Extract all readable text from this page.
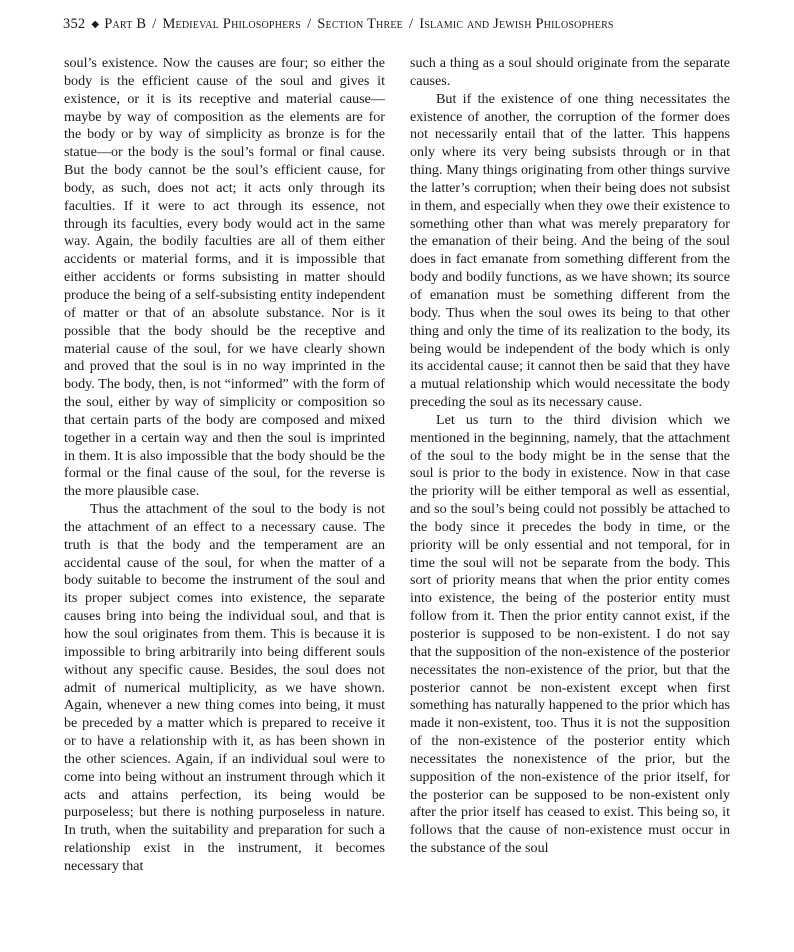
352 ◆ Part B / Medieval Philosophers / Section Three / Islamic and Jewish Philosophers

soul’s existence. Now the causes are four; so either the body is the efficient cause of the soul and gives it existence, or it is its receptive and material cause—maybe by way of composition as the elements are for the body or by way of simplicity as bronze is for the statue—or the body is the soul’s formal or final cause. But the body cannot be the soul’s efficient cause, for body, as such, does not act; it acts only through its faculties. If it were to act through its essence, not through its faculties, every body would act in the same way. Again, the bodily faculties are all of them either accidents or material forms, and it is impossible that either accidents or forms subsisting in matter should produce the being of a self-subsisting entity independent of matter or that of an absolute substance. Nor is it possible that the body should be the receptive and material cause of the soul, for we have clearly shown and proved that the soul is in no way imprinted in the body. The body, then, is not “informed” with the form of the soul, either by way of simplicity or composition so that certain parts of the body are composed and mixed together in a certain way and then the soul is imprinted in them. It is also impossible that the body should be the formal or the final cause of the soul, for the reverse is the more plausible case.

Thus the attachment of the soul to the body is not the attachment of an effect to a necessary cause. The truth is that the body and the temperament are an accidental cause of the soul, for when the matter of a body suitable to become the instrument of the soul and its proper subject comes into existence, the separate causes bring into being the individual soul, and that is how the soul originates from them. This is because it is impossible to bring arbitrarily into being different souls without any specific cause. Besides, the soul does not admit of numerical multiplicity, as we have shown. Again, whenever a new thing comes into being, it must be preceded by a matter which is prepared to receive it or to have a relationship with it, as has been shown in the other sciences. Again, if an individual soul were to come into being without an instrument through which it acts and attains perfection, its being would be purposeless; but there is nothing purposeless in nature. In truth, when the suitability and preparation for such a relationship exist in the instrument, it becomes necessary that

such a thing as a soul should originate from the separate causes.

But if the existence of one thing necessitates the existence of another, the corruption of the former does not necessarily entail that of the latter. This happens only where its very being subsists through or in that thing. Many things originating from other things survive the latter’s corruption; when their being does not subsist in them, and especially when they owe their existence to something other than what was merely preparatory for the emanation of their being. And the being of the soul does in fact emanate from something different from the body and bodily functions, as we have shown; its source of emanation must be something different from the body. Thus when the soul owes its being to that other thing and only the time of its realization to the body, its being would be independent of the body which is only its accidental cause; it cannot then be said that they have a mutual relationship which would necessitate the body preceding the soul as its necessary cause.

Let us turn to the third division which we mentioned in the beginning, namely, that the attachment of the soul to the body might be in the sense that the soul is prior to the body in existence. Now in that case the priority will be either temporal as well as essential, and so the soul’s being could not possibly be attached to the body since it precedes the body in time, or the priority will be only essential and not temporal, for in time the soul will not be separate from the body. This sort of priority means that when the prior entity comes into existence, the being of the posterior entity must follow from it. Then the prior entity cannot exist, if the posterior is supposed to be non-existent. I do not say that the supposition of the non-existence of the posterior necessitates the non-existence of the prior, but that the posterior cannot be non-existent except when first something has naturally happened to the prior which has made it non-existent, too. Thus it is not the supposition of the non-existence of the posterior entity which necessitates the nonexistence of the prior, but the supposition of the non-existence of the prior itself, for the posterior can be supposed to be non-existent only after the prior itself has ceased to exist. This being so, it follows that the cause of non-existence must occur in the substance of the soul
